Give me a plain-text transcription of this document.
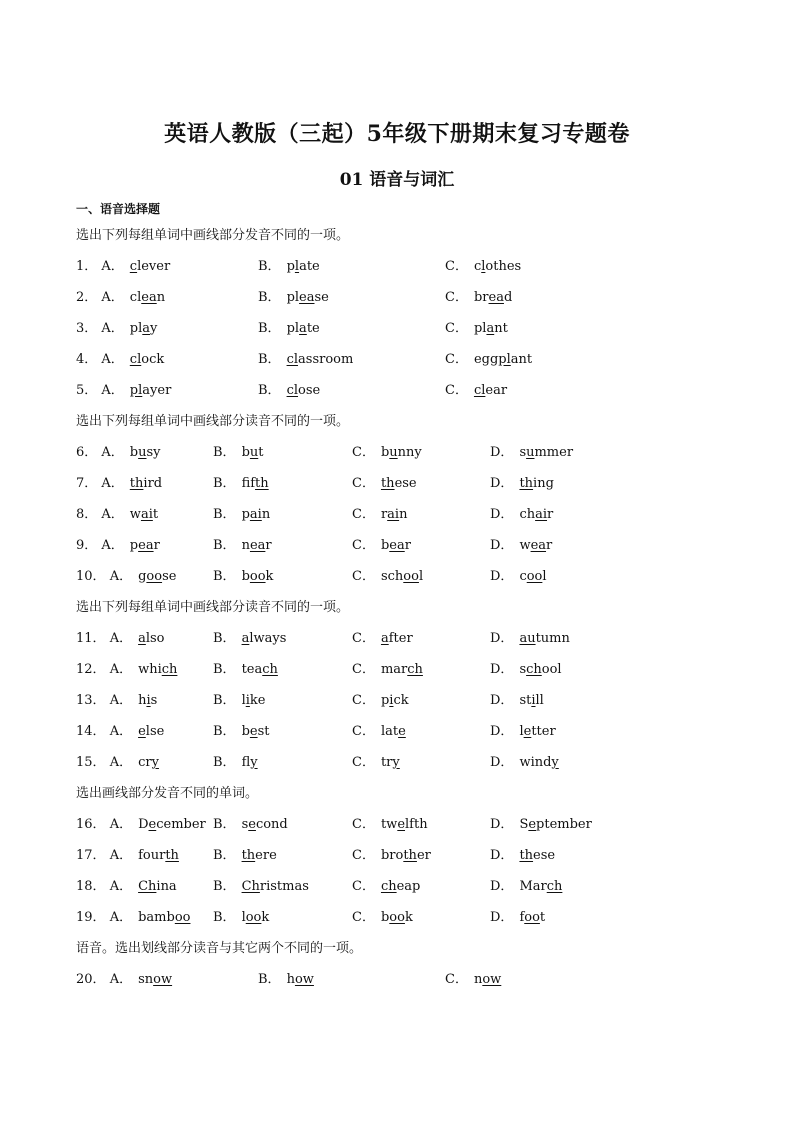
英语人教版（三起）5年级下册期末复习专题卷
01 语音与词汇
一、语音选择题
选出下列每组单词中画线部分发音不同的一项。
1． A． clever	B． plate	C． clothes
2． A． clean	B． please	C． bread
3． A． play	B． plate	C． plant
4． A． clock	B． classroom	C． eggplant
5． A． player	B． close	C． clear
选出下列每组单词中画线部分读音不同的一项。
6． A． busy	B． but	C． bunny	D． summer
7． A． third	B． fifth	C． these	D． thing
8． A． wait	B． pain	C． rain	D． chair
9． A． pear	B． near	C． bear	D． wear
10． A． goose	B． book	C． school	D． cool
选出下列每组单词中画线部分读音不同的一项。
11． A． also	B． always	C． after	D． autumn
12． A． which	B． teach	C． march	D． school
13． A． his	B． like	C． pick	D． still
14． A． else	B． best	C． late	D． letter
15． A． cry	B． fly	C． try	D． windy
选出画线部分发音不同的单词。
16． A． December B． second	C． twelfth	D． September
17． A． fourth	B． there	C． brother	D． these
18． A． China	B． Christmas	C． cheap	D． March
19． A． bamboo B． look	C． book	D． foot
语音。选出划线部分读音与其它两个不同的一项。
20． A． snow	B． how	C． now
